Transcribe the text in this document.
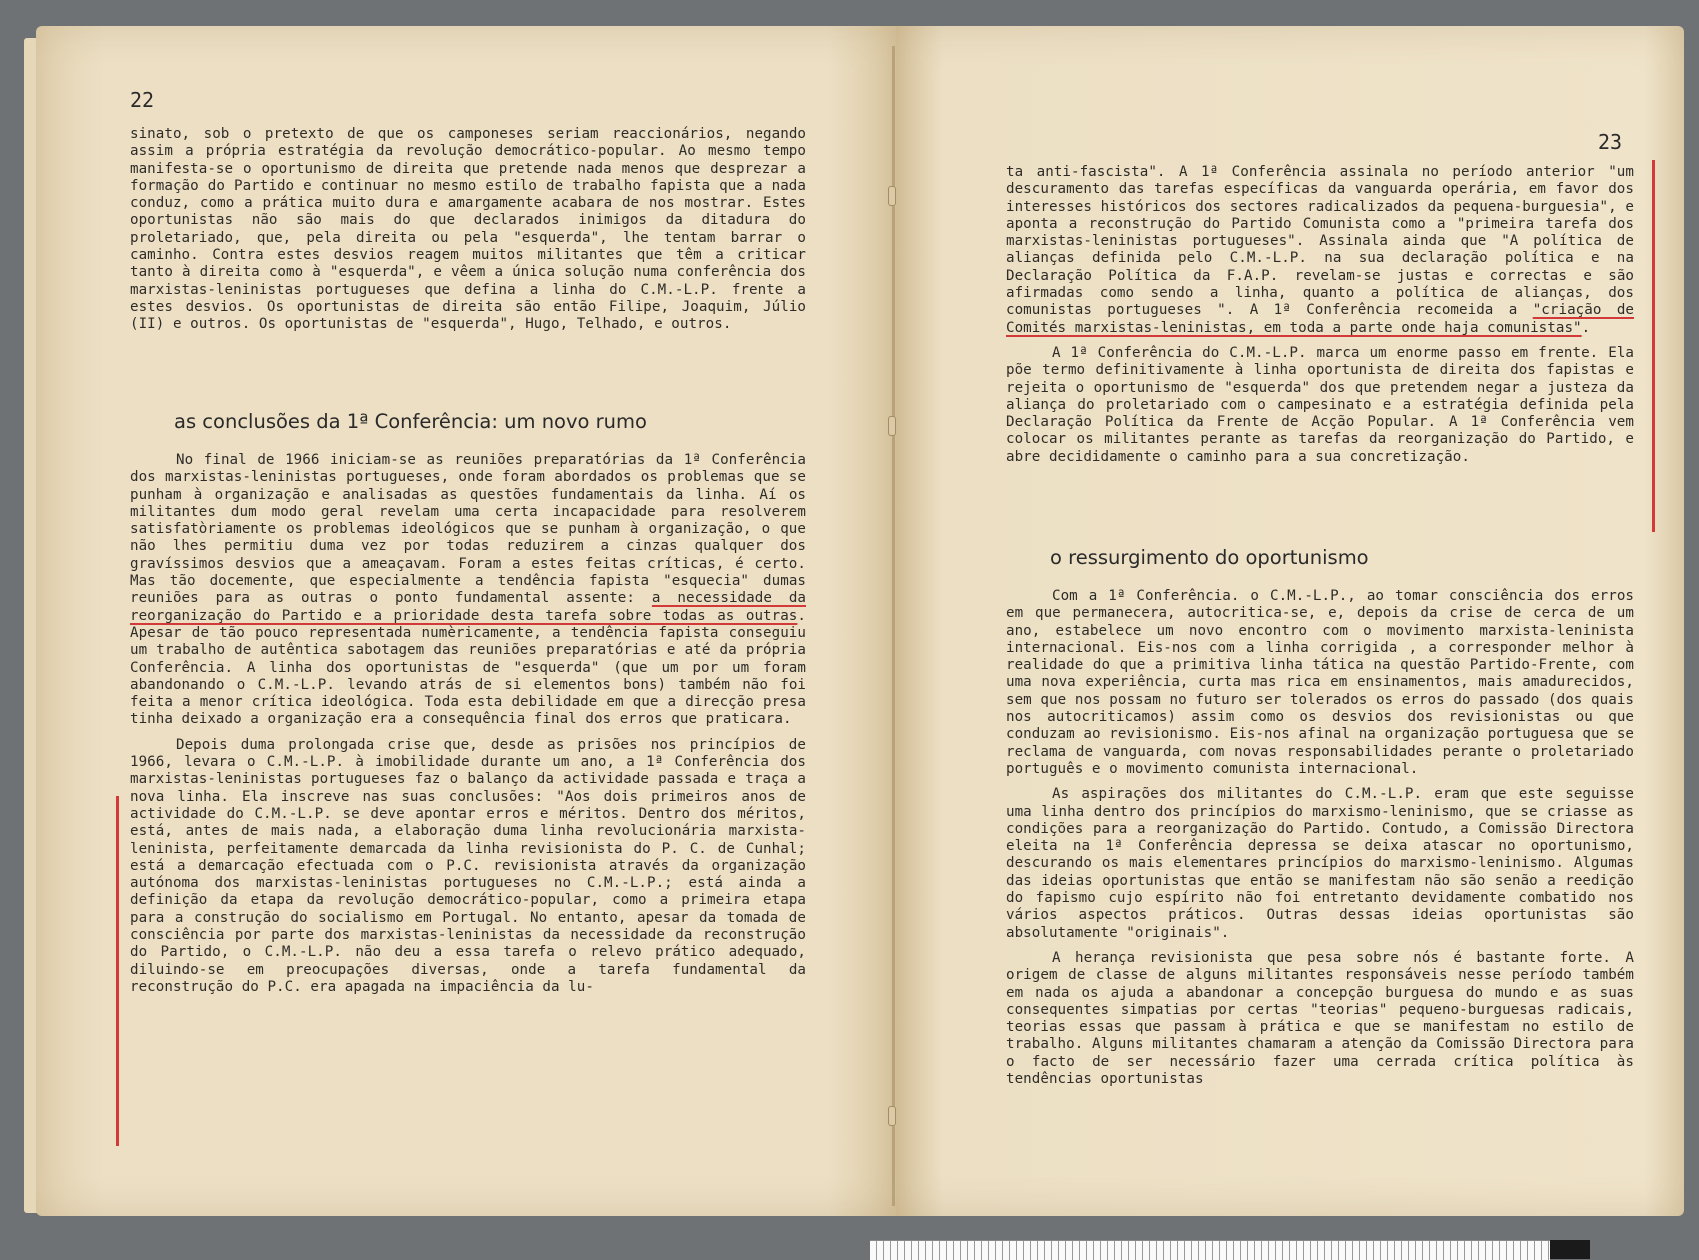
22

sinato, sob o pretexto de que os camponeses seriam reaccionários, negando assim a própria estratégia da revolução democrático-popular. Ao mesmo tempo manifesta-se o oportunismo de direita que pretende nada menos que desprezar a formação do Partido e continuar no mesmo estilo de trabalho fapista que a nada conduz, como a prática muito dura e amargamente acabara de nos mostrar. Estes oportunistas não são mais do que declarados inimigos da ditadura do proletariado, que, pela direita ou pela "esquerda", lhe tentam barrar o caminho. Contra estes desvios reagem muitos militantes que têm a criticar tanto à direita como à "esquerda", e vêem a única solução numa conferência dos marxistas-leninistas portugueses que defina a linha do C.M.-L.P. frente a estes desvios. Os oportunistas de direita são então Filipe, Joaquim, Júlio (II) e outros. Os oportunistas de "esquerda", Hugo, Telhado, e outros.

as conclusões da 1ª Conferência: um novo rumo

No final de 1966 iniciam-se as reuniões preparatórias da 1ª Conferência dos marxistas-leninistas portugueses, onde foram abordados os problemas que se punham à organização e analisadas as questões fundamentais da linha. Aí os militantes dum modo geral revelam uma certa incapacidade para resolverem satisfatòriamente os problemas ideológicos que se punham à organização, o que não lhes permitiu duma vez por todas reduzirem a cinzas qualquer dos gravíssimos desvios que a ameaçavam. Foram a estes feitas críticas, é certo. Mas tão docemente, que especialmente a tendência fapista "esquecia" dumas reuniões para as outras o ponto fundamental assente: a necessidade da reorganização do Partido e a prioridade desta tarefa sobre todas as outras. Apesar de tão pouco representada numèricamente, a tendência fapista conseguiu um trabalho de autêntica sabotagem das reuniões preparatórias e até da própria Conferência. A linha dos oportunistas de "esquerda" (que um por um foram abandonando o C.M.-L.P. levando atrás de si elementos bons) também não foi feita a menor crítica ideológica. Toda esta debilidade em que a direcção presa tinha deixado a organização era a consequência final dos erros que praticara.

Depois duma prolongada crise que, desde as prisões nos princípios de 1966, levara o C.M.-L.P. à imobilidade durante um ano, a 1ª Conferência dos marxistas-leninistas portugueses faz o balanço da actividade passada e traça a nova linha. Ela inscreve nas suas conclusões: "Aos dois primeiros anos de actividade do C.M.-L.P. se deve apontar erros e méritos. Dentro dos méritos, está, antes de mais nada, a elaboração duma linha revolucionária marxista-leninista, perfeitamente demarcada da linha revisionista do P. C. de Cunhal; está a demarcação efectuada com o P.C. revisionista através da organização autónoma dos marxistas-leninistas portugueses no C.M.-L.P.; está ainda a definição da etapa da revolução democrático-popular, como a primeira etapa para a construção do socialismo em Portugal. No entanto, apesar da tomada de consciência por parte dos marxistas-leninistas da necessidade da reconstrução do Partido, o C.M.-L.P. não deu a essa tarefa o relevo prático adequado, diluindo-se em preocupações diversas, onde a tarefa fundamental da reconstrução do P.C. era apagada na impaciência da lu-

23

ta anti-fascista". A 1ª Conferência assinala no período anterior "um descuramento das tarefas específicas da vanguarda operária, em favor dos interesses históricos dos sectores radicalizados da pequena-burguesia", e aponta a reconstrução do Partido Comunista como a "primeira tarefa dos marxistas-leninistas portugueses". Assinala ainda que "A política de alianças definida pelo C.M.-L.P. na sua declaração política e na Declaração Política da F.A.P. revelam-se justas e correctas e são afirmadas como sendo a linha, quanto a política de alianças, dos comunistas portugueses ". A 1ª Conferência recomeida a "criação de Comités marxistas-leninistas, em toda a parte onde haja comunistas".

A 1ª Conferência do C.M.-L.P. marca um enorme passo em frente. Ela põe termo definitivamente à linha oportunista de direita dos fapistas e rejeita o oportunismo de "esquerda" dos que pretendem negar a justeza da aliança do proletariado com o campesinato e a estratégia definida pela Declaração Política da Frente de Acção Popular. A 1ª Conferência vem colocar os militantes perante as tarefas da reorganização do Partido, e abre decididamente o caminho para a sua concretização.

o ressurgimento do oportunismo

Com a 1ª Conferência. o C.M.-L.P., ao tomar consciência dos erros em que permanecera, autocritica-se, e, depois da crise de cerca de um ano, estabelece um novo encontro com o movimento marxista-leninista internacional. Eis-nos com a linha corrigida , a corresponder melhor à realidade do que a primitiva linha tática na questão Partido-Frente, com uma nova experiência, curta mas rica em ensinamentos, mais amadurecidos, sem que nos possam no futuro ser tolerados os erros do passado (dos quais nos autocriticamos) assim como os desvios dos revisionistas ou que conduzam ao revisionismo. Eis-nos afinal na organização portuguesa que se reclama de vanguarda, com novas responsabilidades perante o proletariado português e o movimento comunista internacional.

As aspirações dos militantes do C.M.-L.P. eram que este seguisse uma linha dentro dos princípios do marxismo-leninismo, que se criasse as condições para a reorganização do Partido. Contudo, a Comissão Directora eleita na 1ª Conferência depressa se deixa atascar no oportunismo, descurando os mais elementares princípios do marxismo-leninismo. Algumas das ideias oportunistas que então se manifestam não são senão a reedição do fapismo cujo espírito não foi entretanto devidamente combatido nos vários aspectos práticos. Outras dessas ideias oportunistas são absolutamente "originais".

A herança revisionista que pesa sobre nós é bastante forte. A origem de classe de alguns militantes responsáveis nesse período também em nada os ajuda a abandonar a concepção burguesa do mundo e as suas consequentes simpatias por certas "teorias" pequeno-burguesas radicais, teorias essas que passam à prática e que se manifestam no estilo de trabalho. Alguns militantes chamaram a atenção da Comissão Directora para o facto de ser necessário fazer uma cerrada crítica política às tendências oportunistas
